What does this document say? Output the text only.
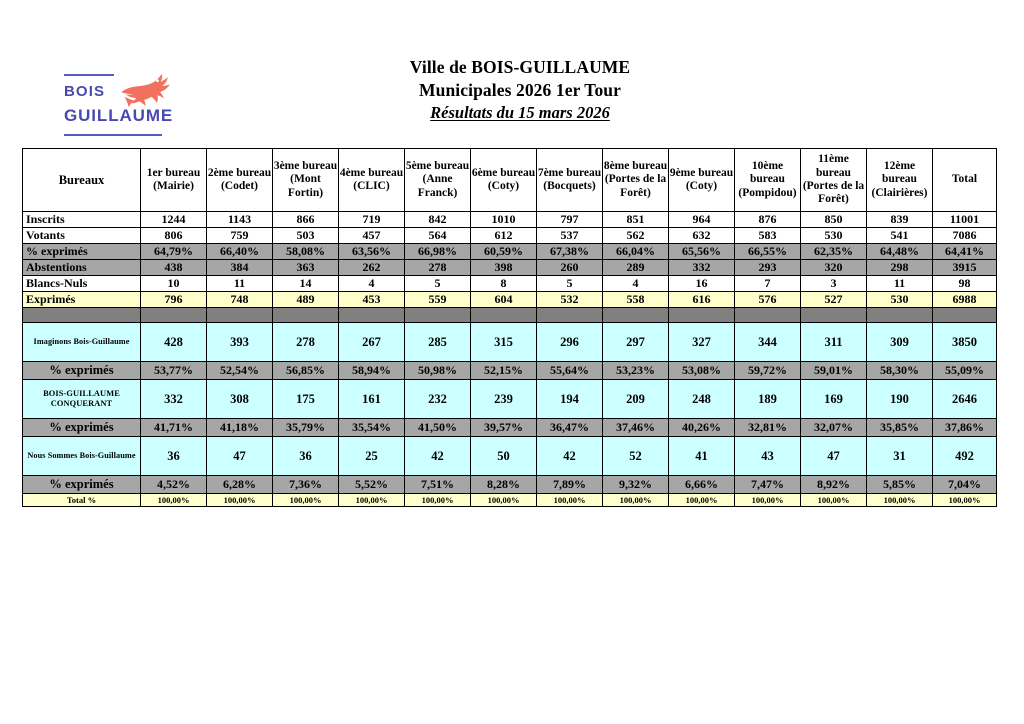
BOIS
GUILLAUME
Ville de BOIS-GUILLAUME
Municipales 2026 1er Tour
Résultats du 15 mars 2026
Bureaux	1er bureau (Mairie)	2ème bureau (Codet)	3ème bureau (Mont Fortin)	4ème bureau (CLIC)	5ème bureau (Anne Franck)	6ème bureau (Coty)	7ème bureau (Bocquets)	8ème bureau (Portes de la Forêt)	9ème bureau (Coty)	10ème bureau (Pompidou)	11ème bureau (Portes de la Forêt)	12ème bureau (Clairières)	Total
Inscrits	1244	1143	866	719	842	1010	797	851	964	876	850	839	11001
Votants	806	759	503	457	564	612	537	562	632	583	530	541	7086
% exprimés	64,79%	66,40%	58,08%	63,56%	66,98%	60,59%	67,38%	66,04%	65,56%	66,55%	62,35%	64,48%	64,41%
Abstentions	438	384	363	262	278	398	260	289	332	293	320	298	3915
Blancs-Nuls	10	11	14	4	5	8	5	4	16	7	3	11	98
Exprimés	796	748	489	453	559	604	532	558	616	576	527	530	6988

Imaginons Bois-Guillaume	428	393	278	267	285	315	296	297	327	344	311	309	3850
% exprimés	53,77%	52,54%	56,85%	58,94%	50,98%	52,15%	55,64%	53,23%	53,08%	59,72%	59,01%	58,30%	55,09%
BOIS-GUILLAUME CONQUERANT	332	308	175	161	232	239	194	209	248	189	169	190	2646
% exprimés	41,71%	41,18%	35,79%	35,54%	41,50%	39,57%	36,47%	37,46%	40,26%	32,81%	32,07%	35,85%	37,86%
Nous Sommes Bois-Guillaume	36	47	36	25	42	50	42	52	41	43	47	31	492
% exprimés	4,52%	6,28%	7,36%	5,52%	7,51%	8,28%	7,89%	9,32%	6,66%	7,47%	8,92%	5,85%	7,04%
Total %	100,00%	100,00%	100,00%	100,00%	100,00%	100,00%	100,00%	100,00%	100,00%	100,00%	100,00%	100,00%	100,00%
